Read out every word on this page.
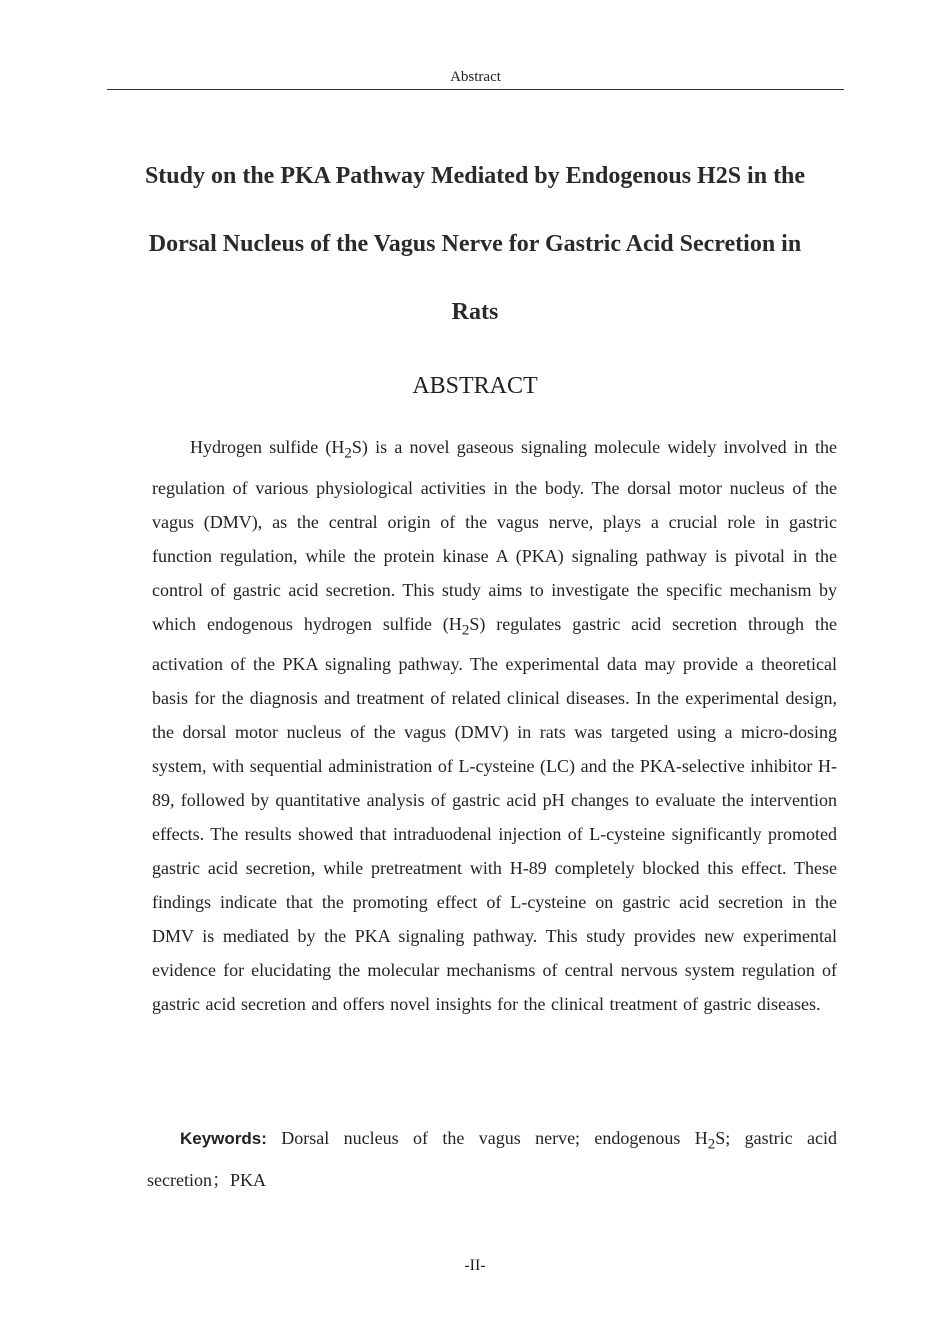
Abstract
Study on the PKA Pathway Mediated by Endogenous H2S in the
Dorsal Nucleus of the Vagus Nerve for Gastric Acid Secretion in
Rats
ABSTRACT

Hydrogen sulfide $(H_2S)$ is a novel gaseous signaling molecule widely involved in the regulation of various physiological activities in the body. The dorsal motor nucleus of the vagus (DMV), as the central origin of the vagus nerve, plays a crucial role in gastric function regulation, while the protein kinase A (PKA) signaling pathway is pivotal in the control of gastric acid secretion. This study aims to investigate the specific mechanism by which endogenous hydrogen sulfide $(H_2S)$ regulates gastric acid secretion through the activation of the PKA signaling pathway. The experimental data may provide a theoretical basis for the diagnosis and treatment of related clinical diseases. In the experimental design, the dorsal motor nucleus of the vagus (DMV) in rats was targeted using a micro-dosing system, with sequential administration of L-cysteine (LC) and the PKA-selective inhibitor H-89, followed by quantitative analysis of gastric acid pH changes to evaluate the intervention effects. The results showed that intraduodenal injection of L-cysteine significantly promoted gastric acid secretion, while pretreatment with H-89 completely blocked this effect. These findings indicate that the promoting effect of L-cysteine on gastric acid secretion in the DMV is mediated by the PKA signaling pathway. This study provides new experimental evidence for elucidating the molecular mechanisms of central nervous system regulation of gastric acid secretion and offers novel insights for the clinical treatment of gastric diseases.

Keywords: Dorsal nucleus of the vagus nerve; endogenous $H_2S$; gastric acid secretion；PKA

-II-
